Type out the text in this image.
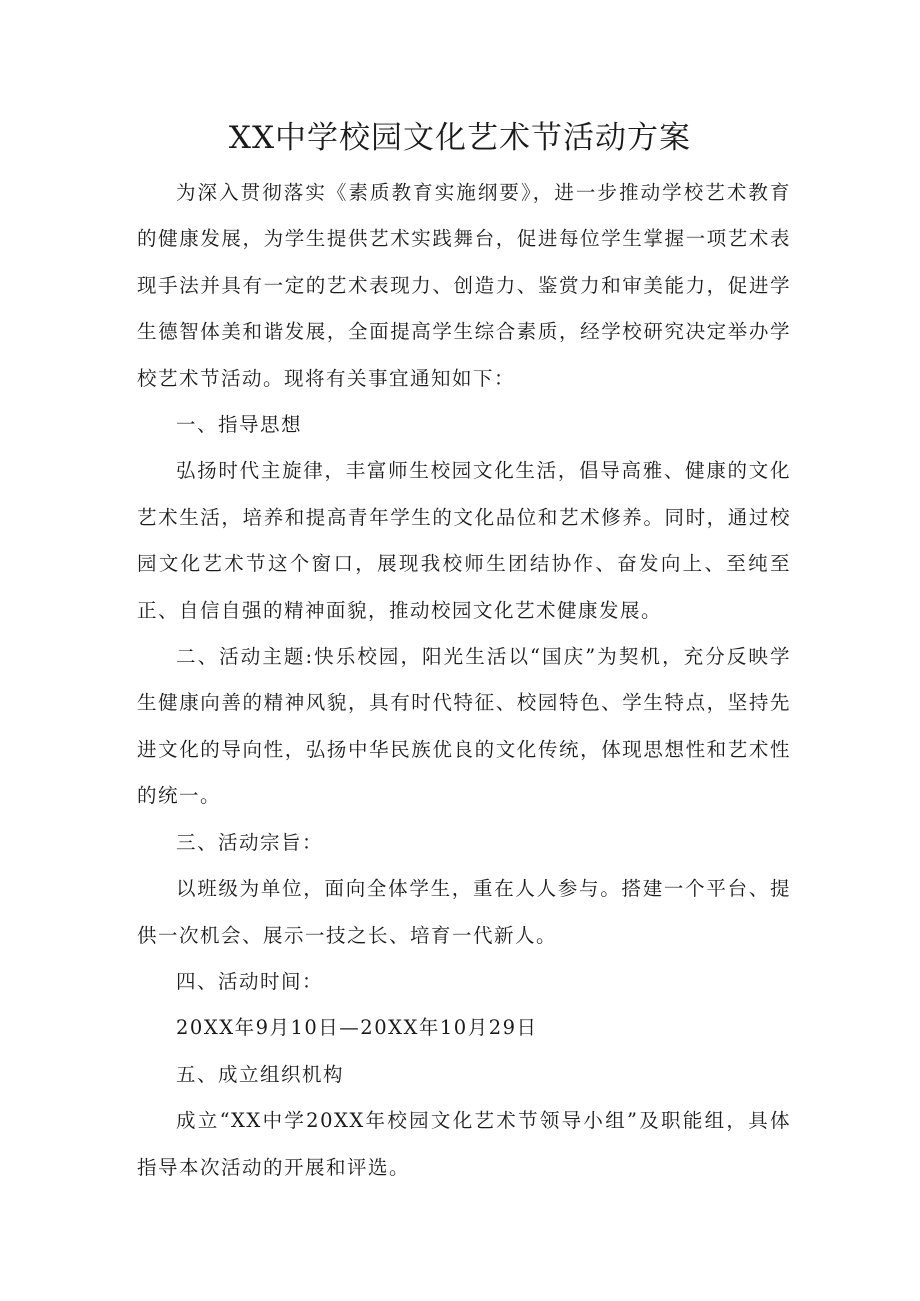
XX中学校园文化艺术节活动方案

为深入贯彻落实《素质教育实施纲要》，进一步推动学校艺术教育的健康发展，为学生提供艺术实践舞台，促进每位学生掌握一项艺术表现手法并具有一定的艺术表现力、创造力、鉴赏力和审美能力，促进学生德智体美和谐发展，全面提高学生综合素质，经学校研究决定举办学校艺术节活动。现将有关事宜通知如下：

一、指导思想

弘扬时代主旋律，丰富师生校园文化生活，倡导高雅、健康的文化艺术生活，培养和提高青年学生的文化品位和艺术修养。同时，通过校园文化艺术节这个窗口，展现我校师生团结协作、奋发向上、至纯至正、自信自强的精神面貌，推动校园文化艺术健康发展。

二、活动主题:快乐校园，阳光生活以“国庆”为契机，充分反映学生健康向善的精神风貌，具有时代特征、校园特色、学生特点，坚持先进文化的导向性，弘扬中华民族优良的文化传统，体现思想性和艺术性的统一。

三、活动宗旨：

以班级为单位，面向全体学生，重在人人参与。搭建一个平台、提供一次机会、展示一技之长、培育一代新人。

四、活动时间：

20XX年9月10日—20XX年10月29日

五、成立组织机构

成立“XX中学20XX年校园文化艺术节领导小组”及职能组，具体指导本次活动的开展和评选。
